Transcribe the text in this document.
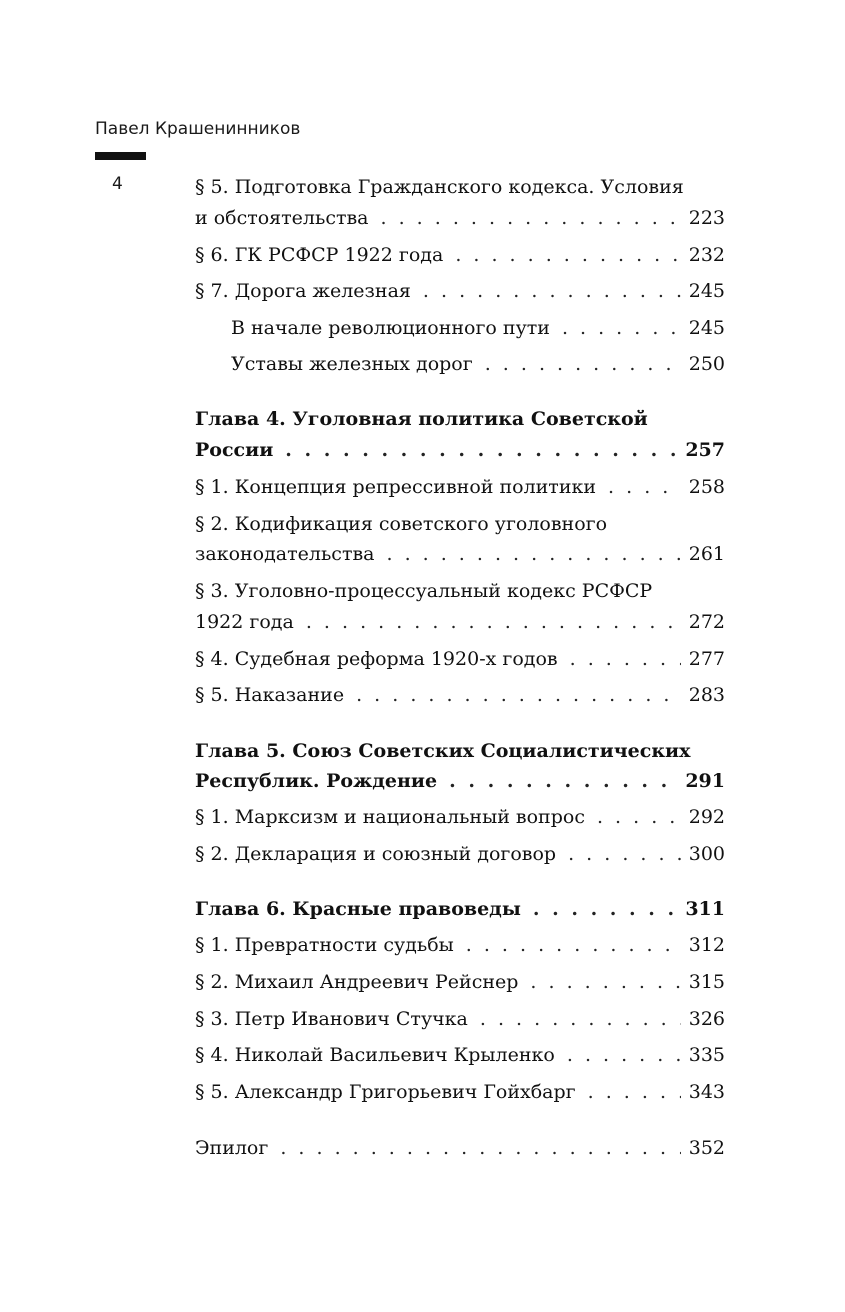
Павел Крашенинников
4	§ 5. Подготовка Гражданского кодекса. Условия
и обстоятельства . . .	223
§ 6. ГК РСФСР 1922 года . . .	232
§ 7. Дорога железная . . .	245
В начале революционного пути . . .	245
Уставы железных дорог . . .	250
Глава 4. Уголовная политика Советской
России . . .	257
§ 1. Концепция репрессивной политики . . .	258
§ 2. Кодификация советского уголовного
законодательства . . .	261
§ 3. Уголовно-процессуальный кодекс РСФСР
1922 года . . .	272
§ 4. Судебная реформа 1920-х годов . . .	277
§ 5. Наказание . . .	283
Глава 5. Союз Советских Социалистических
Республик. Рождение . . .	291
§ 1. Марксизм и национальный вопрос . . .	292
§ 2. Декларация и союзный договор . . .	300
Глава 6. Красные правоведы . . .	311
§ 1. Превратности судьбы . . .	312
§ 2. Михаил Андреевич Рейснер . . .	315
§ 3. Петр Иванович Стучка . . .	326
§ 4. Николай Васильевич Крыленко . . .	335
§ 5. Александр Григорьевич Гойхбарг . . .	343
Эпилог . . .	352
